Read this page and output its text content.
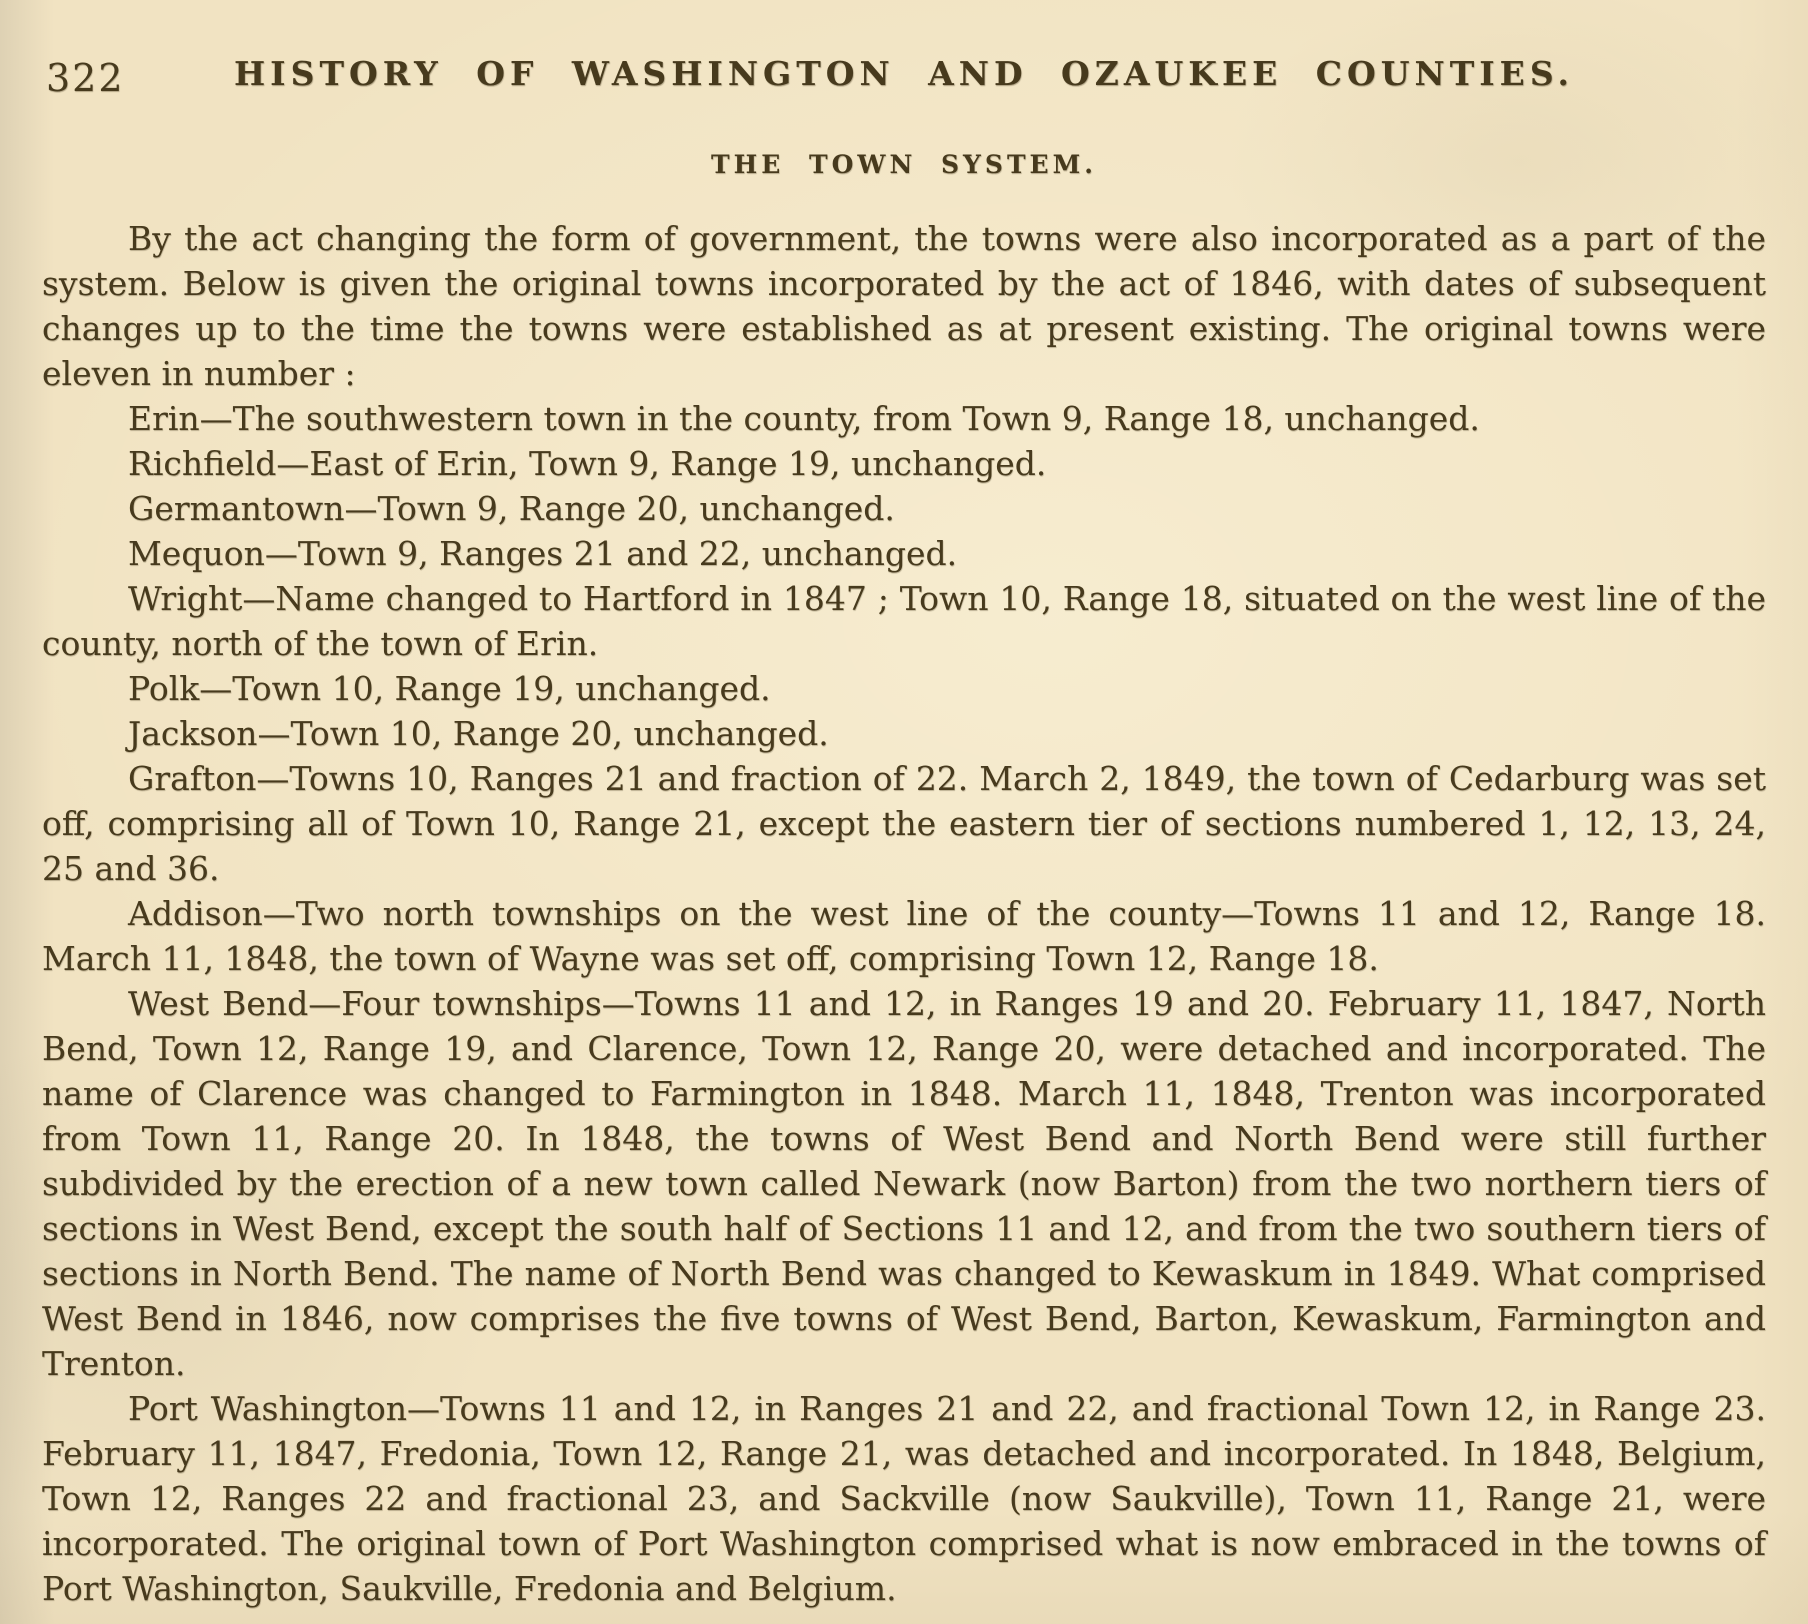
322	HISTORY OF WASHINGTON AND OZAUKEE COUNTIES.
THE TOWN SYSTEM.

By the act changing the form of government, the towns were also incorporated as a part of the system. Below is given the original towns incorporated by the act of 1846, with dates of subsequent changes up to the time the towns were established as at present existing. The original towns were eleven in number :

Erin—The southwestern town in the county, from Town 9, Range 18, unchanged.

Richfield—East of Erin, Town 9, Range 19, unchanged.

Germantown—Town 9, Range 20, unchanged.

Mequon—Town 9, Ranges 21 and 22, unchanged.

Wright—Name changed to Hartford in 1847 ; Town 10, Range 18, situated on the west line of the county, north of the town of Erin.

Polk—Town 10, Range 19, unchanged.

Jackson—Town 10, Range 20, unchanged.

Grafton—Towns 10, Ranges 21 and fraction of 22. March 2, 1849, the town of Cedarburg was set off, comprising all of Town 10, Range 21, except the eastern tier of sections numbered 1, 12, 13, 24, 25 and 36.

Addison—Two north townships on the west line of the county—Towns 11 and 12, Range 18. March 11, 1848, the town of Wayne was set off, comprising Town 12, Range 18.

West Bend—Four townships—Towns 11 and 12, in Ranges 19 and 20. February 11, 1847, North Bend, Town 12, Range 19, and Clarence, Town 12, Range 20, were detached and incorporated. The name of Clarence was changed to Farmington in 1848. March 11, 1848, Trenton was incorporated from Town 11, Range 20. In 1848, the towns of West Bend and North Bend were still further subdivided by the erection of a new town called Newark (now Barton) from the two northern tiers of sections in West Bend, except the south half of Sections 11 and 12, and from the two southern tiers of sections in North Bend. The name of North Bend was changed to Kewaskum in 1849. What comprised West Bend in 1846, now comprises the five towns of West Bend, Barton, Kewaskum, Farmington and Trenton.

Port Washington—Towns 11 and 12, in Ranges 21 and 22, and fractional Town 12, in Range 23. February 11, 1847, Fredonia, Town 12, Range 21, was detached and incorporated. In 1848, Belgium, Town 12, Ranges 22 and fractional 23, and Sackville (now Saukville), Town 11, Range 21, were incorporated. The original town of Port Washington comprised what is now embraced in the towns of Port Washington, Saukville, Fredonia and Belgium.
